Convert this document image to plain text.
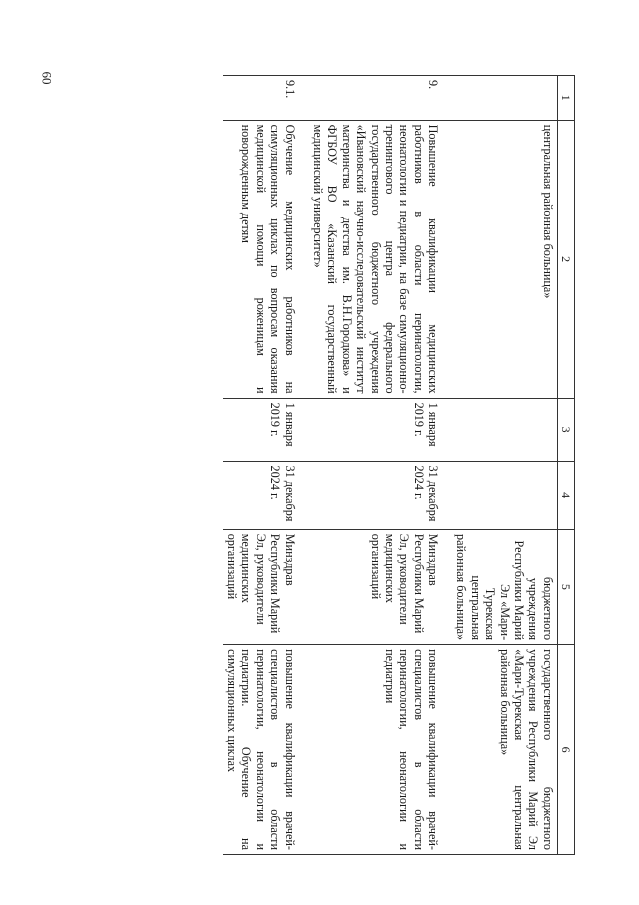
60
1	2	3	4	5	6
	центральная районная больница»			бюджетного учреждения Республики Марий Эл «Мари-Турекская центральная районная больница»	государственного бюджетного учреждения Республики Марий Эл «Мари-Турекская центральная районная больница»

9.	Повышение квалификации медицинских работников в области перинатологии, неонатологии и педиатрии, на базе симуляционно-тренингового центра федерального государственного бюджетного учреждения «Ивановский научно-исследовательский институт материнства и детства им. В.Н.Городкова» и ФГБОУ ВО «Казанский государственный медицинский университет»	1 января 2019 г.	31 декабря 2024 г.	Минздрав Республики Марий Эл, руководители медицинских организаций	повышение квалификации врачей-специалистов в области перинатологии, неонатологии и педиатрии

9.1.	Обучение медицинских работников на симуляционных циклах по вопросам оказания медицинской помощи роженицам и новорожденным детям	1 января 2019 г.	31 декабря 2024 г.	Минздрав Республики Марий Эл, руководители медицинских организаций	повышение квалификации врачей-специалистов в области перинатологии, неонатологии и педиатрии. Обучение на симуляционных циклах
